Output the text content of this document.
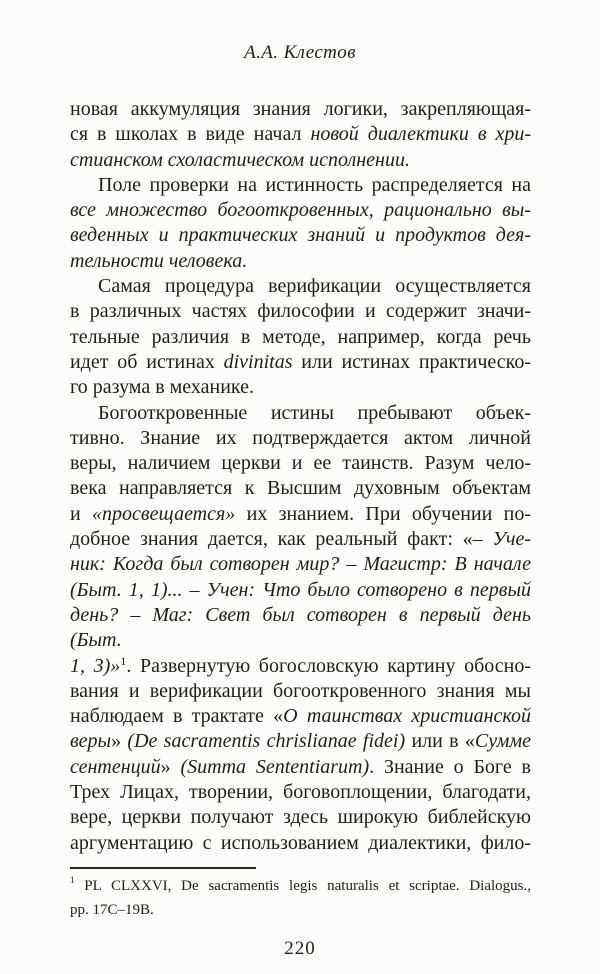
А.А. Клестов
новая аккумуляция знания логики, закрепляющая-
ся в школах в виде начал новой диалектики в хри-
стианском схоластическом исполнении.
Поле проверки на истинность распределяется на
все множество богооткровенных, рационально вы-
веденных и практических знаний и продуктов дея-
тельности человека.
Самая процедура верификации осуществляется
в различных частях философии и содержит значи-
тельные различия в методе, например, когда речь
идет об истинах divinitas или истинах практическо-
го разума в механике.
Богооткровенные истины пребывают объек-
тивно. Знание их подтверждается актом личной
веры, наличием церкви и ее таинств. Разум чело-
века направляется к Высшим духовным объектам
и «просвещается» их знанием. При обучении по-
добное знания дается, как реальный факт: «– Уче-
ник: Когда был сотворен мир? – Магистр: В начале
(Быт. 1, 1)... – Учен: Что было сотворено в первый
день? – Маг: Свет был сотворен в первый день (Быт.
1, 3)»$^1$. Развернутую богословскую картину обосно-
вания и верификации богооткровенного знания мы
наблюдаем в трактате «О таинствах христианской
веры» (De sacramentis chrislianae fidei) или в «Сумме
сентенций» (Summa Sententiarum). Знание о Боге в
Трех Лицах, творении, боговоплощении, благодати,
вере, церкви получают здесь широкую библейскую
аргументацию с использованием диалектики, фило-
$^1$ PL CLXXVI, De sacramentis legis naturalis et scriptae. Dialogus.,
pp. 17C–19B.
220
